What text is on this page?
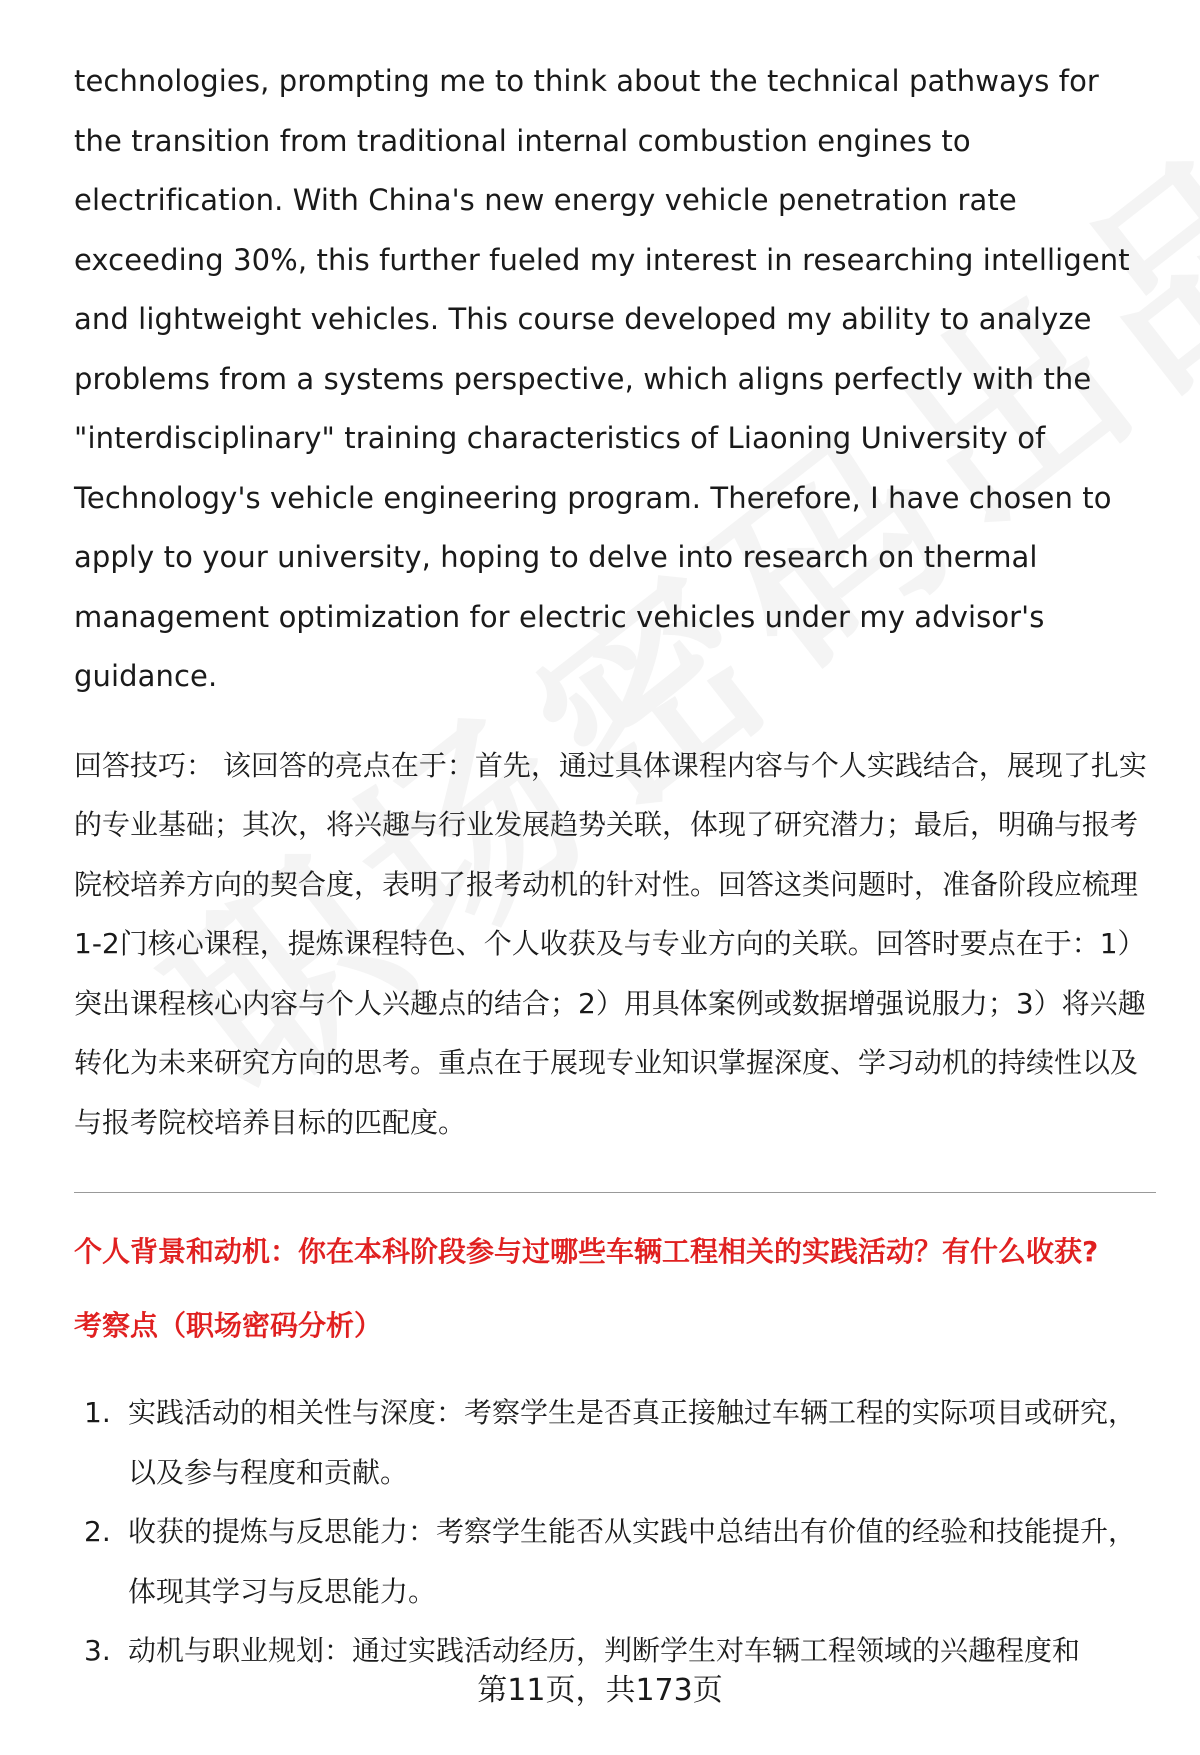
technologies, prompting me to think about the technical pathways for the transition from traditional internal combustion engines to electrification. With China's new energy vehicle penetration rate exceeding 30%, this further fueled my interest in researching intelligent and lightweight vehicles. This course developed my ability to analyze problems from a systems perspective, which aligns perfectly with the "interdisciplinary" training characteristics of Liaoning University of Technology's vehicle engineering program. Therefore, I have chosen to apply to your university, hoping to delve into research on thermal management optimization for electric vehicles under my advisor's guidance.

回答技巧： 该回答的亮点在于：首先，通过具体课程内容与个人实践结合，展现了扎实的专业基础；其次，将兴趣与行业发展趋势关联，体现了研究潜力；最后，明确与报考院校培养方向的契合度，表明了报考动机的针对性。回答这类问题时，准备阶段应梳理1-2门核心课程，提炼课程特色、个人收获及与专业方向的关联。回答时要点在于：1）突出课程核心内容与个人兴趣点的结合；2）用具体案例或数据增强说服力；3）将兴趣转化为未来研究方向的思考。重点在于展现专业知识掌握深度、学习动机的持续性以及与报考院校培养目标的匹配度。

个人背景和动机：你在本科阶段参与过哪些车辆工程相关的实践活动？有什么收获?
考察点（职场密码分析）
1. 实践活动的相关性与深度：考察学生是否真正接触过车辆工程的实际项目或研究，以及参与程度和贡献。
2. 收获的提炼与反思能力：考察学生能否从实践中总结出有价值的经验和技能提升，体现其学习与反思能力。
3. 动机与职业规划：通过实践活动经历，判断学生对车辆工程领域的兴趣程度和
第11页，共173页
